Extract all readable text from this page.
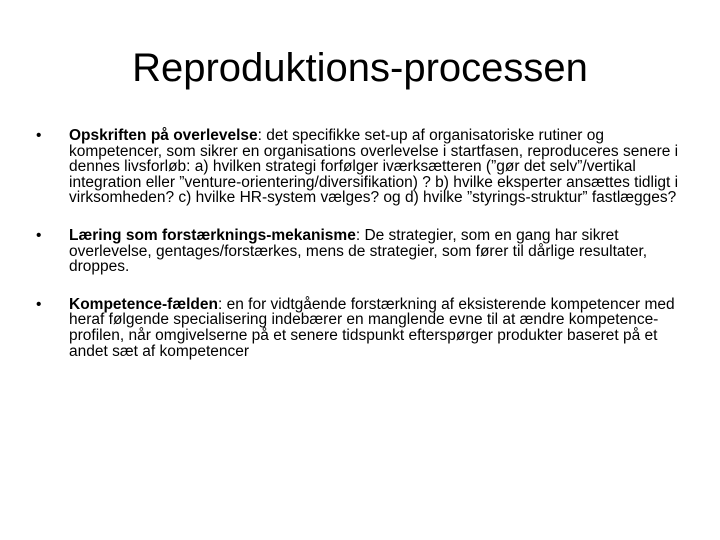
Reproduktions-processen
•	Opskriften på overlevelse: det specifikke set-up af organisatoriske rutiner og kompetencer, som sikrer en organisations overlevelse i startfasen, reproduceres senere i dennes livsforløb: a) hvilken strategi forfølger iværksætteren (”gør det selv”/vertikal integration eller ”venture-orientering/diversifikation) ? b) hvilke eksperter ansættes tidligt i virksomheden? c) hvilke HR-system vælges? og d) hvilke ”styrings-struktur” fastlægges?
•	Læring som forstærknings-mekanisme: De strategier, som en gang har sikret overlevelse, gentages/forstærkes, mens de strategier, som fører til dårlige resultater, droppes.
•	Kompetence-fælden: en for vidtgående forstærkning af eksisterende kompetencer med heraf følgende specialisering indebærer en manglende evne til at ændre kompetence-profilen, når omgivelserne på et senere tidspunkt efterspørger produkter baseret på et andet sæt af kompetencer
